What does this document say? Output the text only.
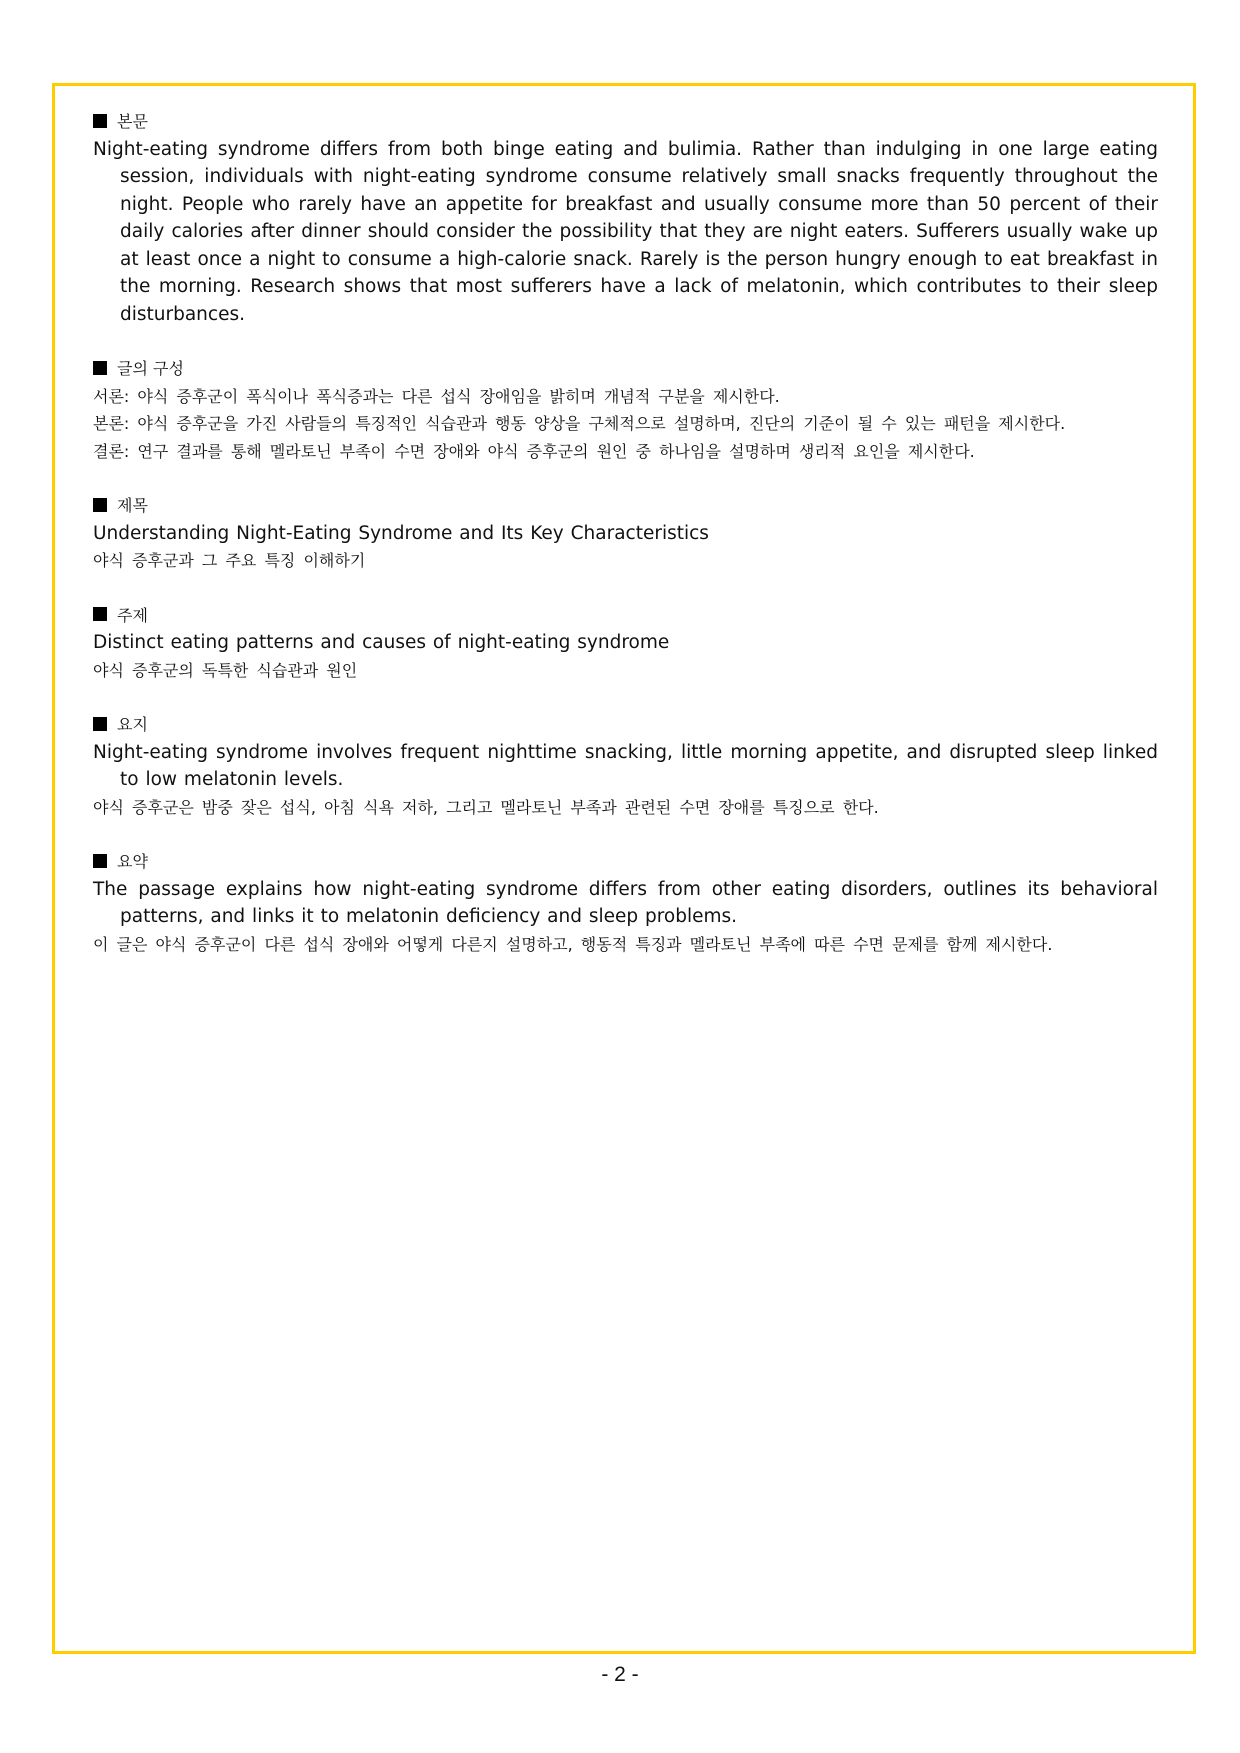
본문
Night-eating syndrome differs from both binge eating and bulimia. Rather than indulging in one large eating session, individuals with night-eating syndrome consume relatively small snacks frequently throughout the night. People who rarely have an appetite for breakfast and usually consume more than 50 percent of their daily calories after dinner should consider the possibility that they are night eaters. Sufferers usually wake up at least once a night to consume a high-calorie snack. Rarely is the person hungry enough to eat breakfast in the morning. Research shows that most sufferers have a lack of melatonin, which contributes to their sleep disturbances.
글의 구성
서론: 야식 증후군이 폭식이나 폭식증과는 다른 섭식 장애임을 밝히며 개념적 구분을 제시한다.
본론: 야식 증후군을 가진 사람들의 특징적인 식습관과 행동 양상을 구체적으로 설명하며, 진단의 기준이 될 수 있는 패턴을 제시한다.
결론: 연구 결과를 통해 멜라토닌 부족이 수면 장애와 야식 증후군의 원인 중 하나임을 설명하며 생리적 요인을 제시한다.
제목
Understanding Night-Eating Syndrome and Its Key Characteristics
야식 증후군과 그 주요 특징 이해하기
주제
Distinct eating patterns and causes of night-eating syndrome
야식 증후군의 독특한 식습관과 원인
요지
Night-eating syndrome involves frequent nighttime snacking, little morning appetite, and disrupted sleep linked to low melatonin levels.
야식 증후군은 밤중 잦은 섭식, 아침 식욕 저하, 그리고 멜라토닌 부족과 관련된 수면 장애를 특징으로 한다.
요약
The passage explains how night-eating syndrome differs from other eating disorders, outlines its behavioral patterns, and links it to melatonin deficiency and sleep problems.
이 글은 야식 증후군이 다른 섭식 장애와 어떻게 다른지 설명하고, 행동적 특징과 멜라토닌 부족에 따른 수면 문제를 함께 제시한다.
- 2 -
